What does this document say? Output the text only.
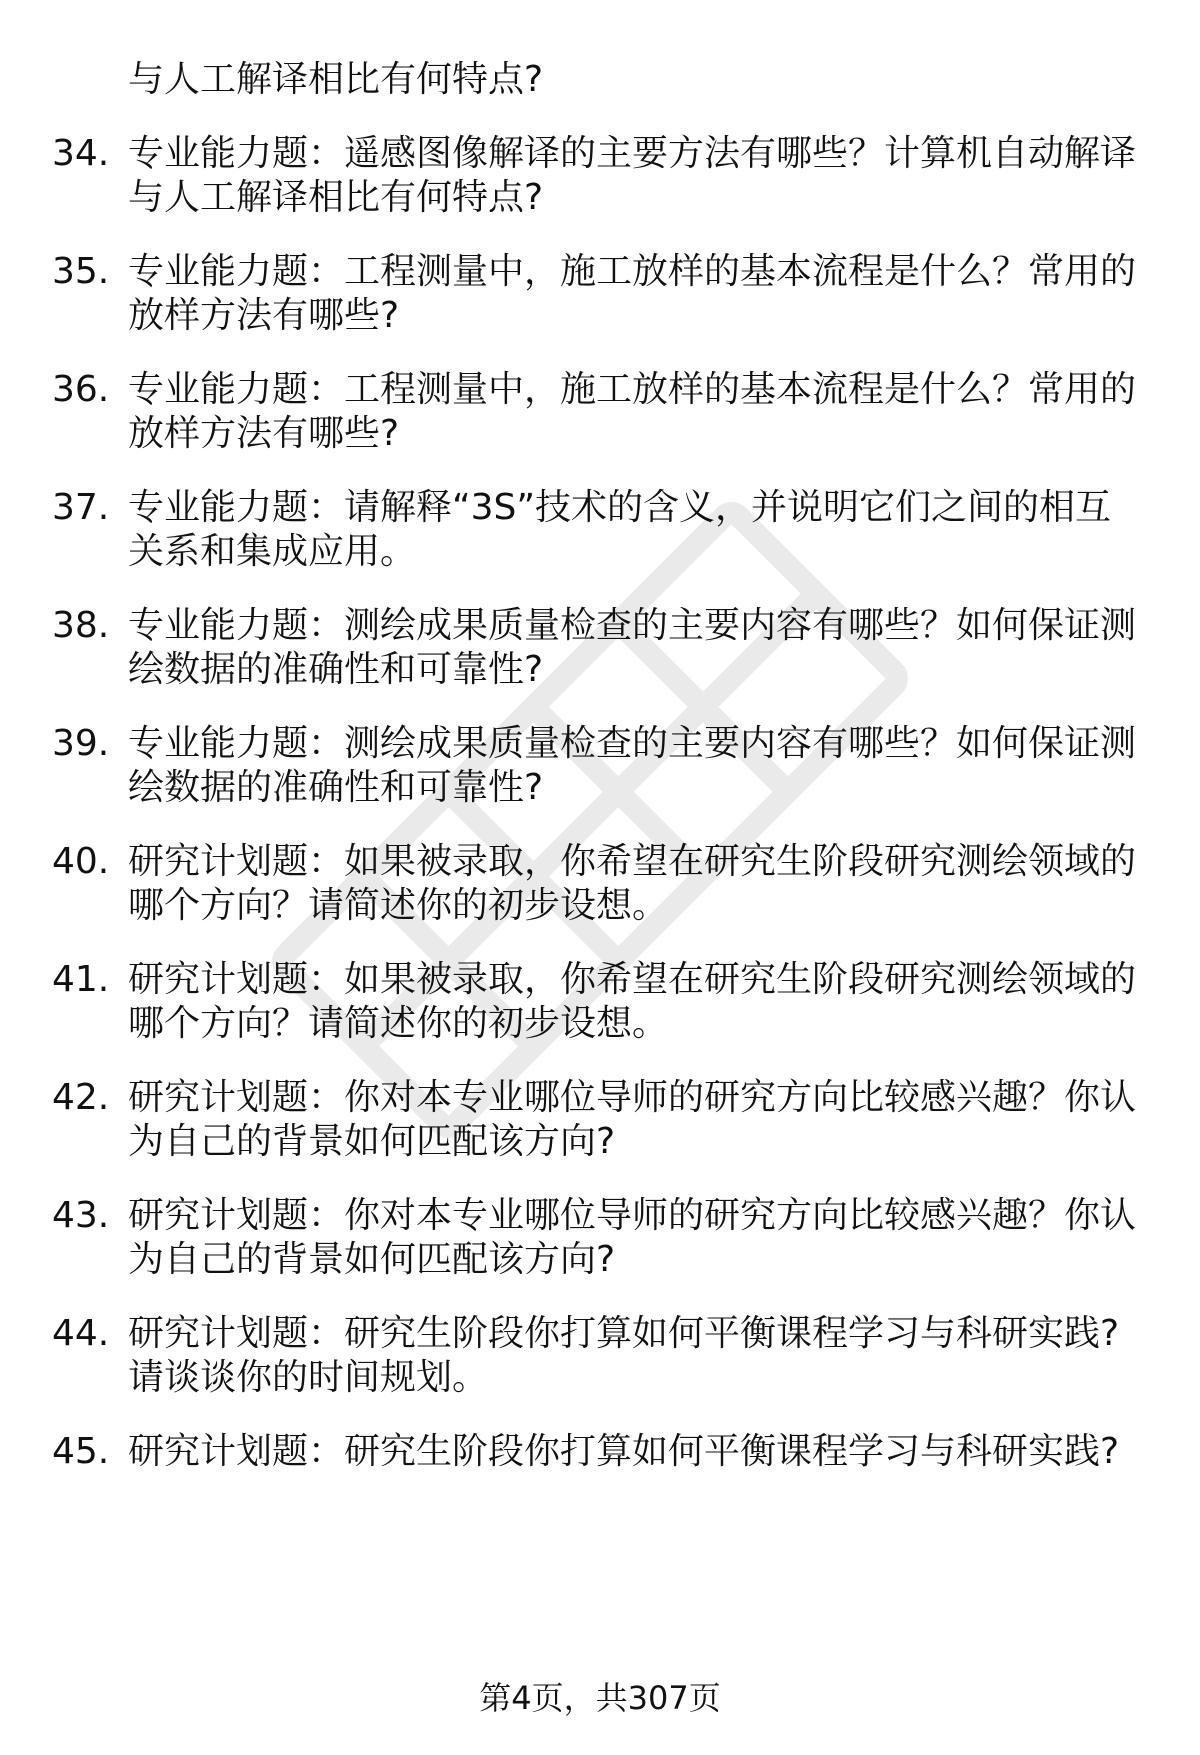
与人工解译相比有何特点?
34. 专业能力题：遥感图像解译的主要方法有哪些？计算机自动解译
与人工解译相比有何特点?
35. 专业能力题：工程测量中，施工放样的基本流程是什么？常用的
放样方法有哪些?
36. 专业能力题：工程测量中，施工放样的基本流程是什么？常用的
放样方法有哪些?
37. 专业能力题：请解释“3S”技术的含义，并说明它们之间的相互
关系和集成应用。
38. 专业能力题：测绘成果质量检查的主要内容有哪些？如何保证测
绘数据的准确性和可靠性?
39. 专业能力题：测绘成果质量检查的主要内容有哪些？如何保证测
绘数据的准确性和可靠性?
40. 研究计划题：如果被录取，你希望在研究生阶段研究测绘领域的
哪个方向？请简述你的初步设想。
41. 研究计划题：如果被录取，你希望在研究生阶段研究测绘领域的
哪个方向？请简述你的初步设想。
42. 研究计划题：你对本专业哪位导师的研究方向比较感兴趣？你认
为自己的背景如何匹配该方向?
43. 研究计划题：你对本专业哪位导师的研究方向比较感兴趣？你认
为自己的背景如何匹配该方向?
44. 研究计划题：研究生阶段你打算如何平衡课程学习与科研实践?
请谈谈你的时间规划。
45. 研究计划题：研究生阶段你打算如何平衡课程学习与科研实践?
第4页，共307页
